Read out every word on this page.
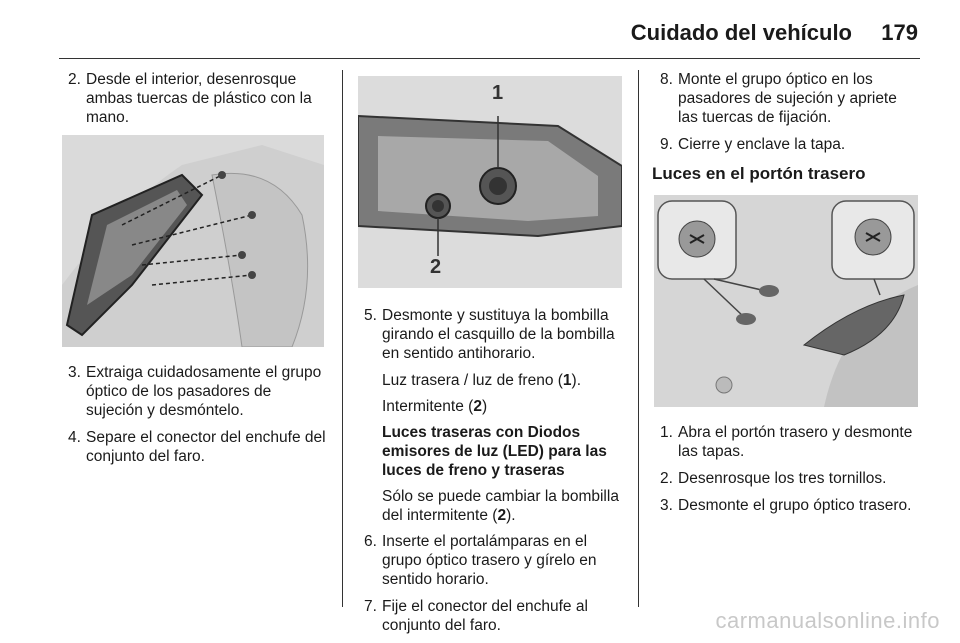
Cuidado del vehículo 179
2. Desde el interior, desenrosque ambas tuercas de plástico con la mano.
3. Extraiga cuidadosamente el grupo óptico de los pasadores de sujeción y desmóntelo.
4. Separe el conector del enchufe del conjunto del faro.
1
2
5. Desmonte y sustituya la bombilla girando el casquillo de la bombilla en sentido antihorario.

Luz trasera / luz de freno (1).

Intermitente (2)

Luces traseras con Diodos emisores de luz (LED) para las luces de freno y traseras

Sólo se puede cambiar la bombilla del intermitente (2).

6. Inserte el portalámparas en el grupo óptico trasero y gírelo en sentido horario.
7. Fije el conector del enchufe al conjunto del faro.
8. Monte el grupo óptico en los pasadores de sujeción y apriete las tuercas de fijación.
9. Cierre y enclave la tapa.
Luces en el portón trasero
1. Abra el portón trasero y desmonte las tapas.
2. Desenrosque los tres tornillos.
3. Desmonte el grupo óptico trasero.
carmanualsonline.info
